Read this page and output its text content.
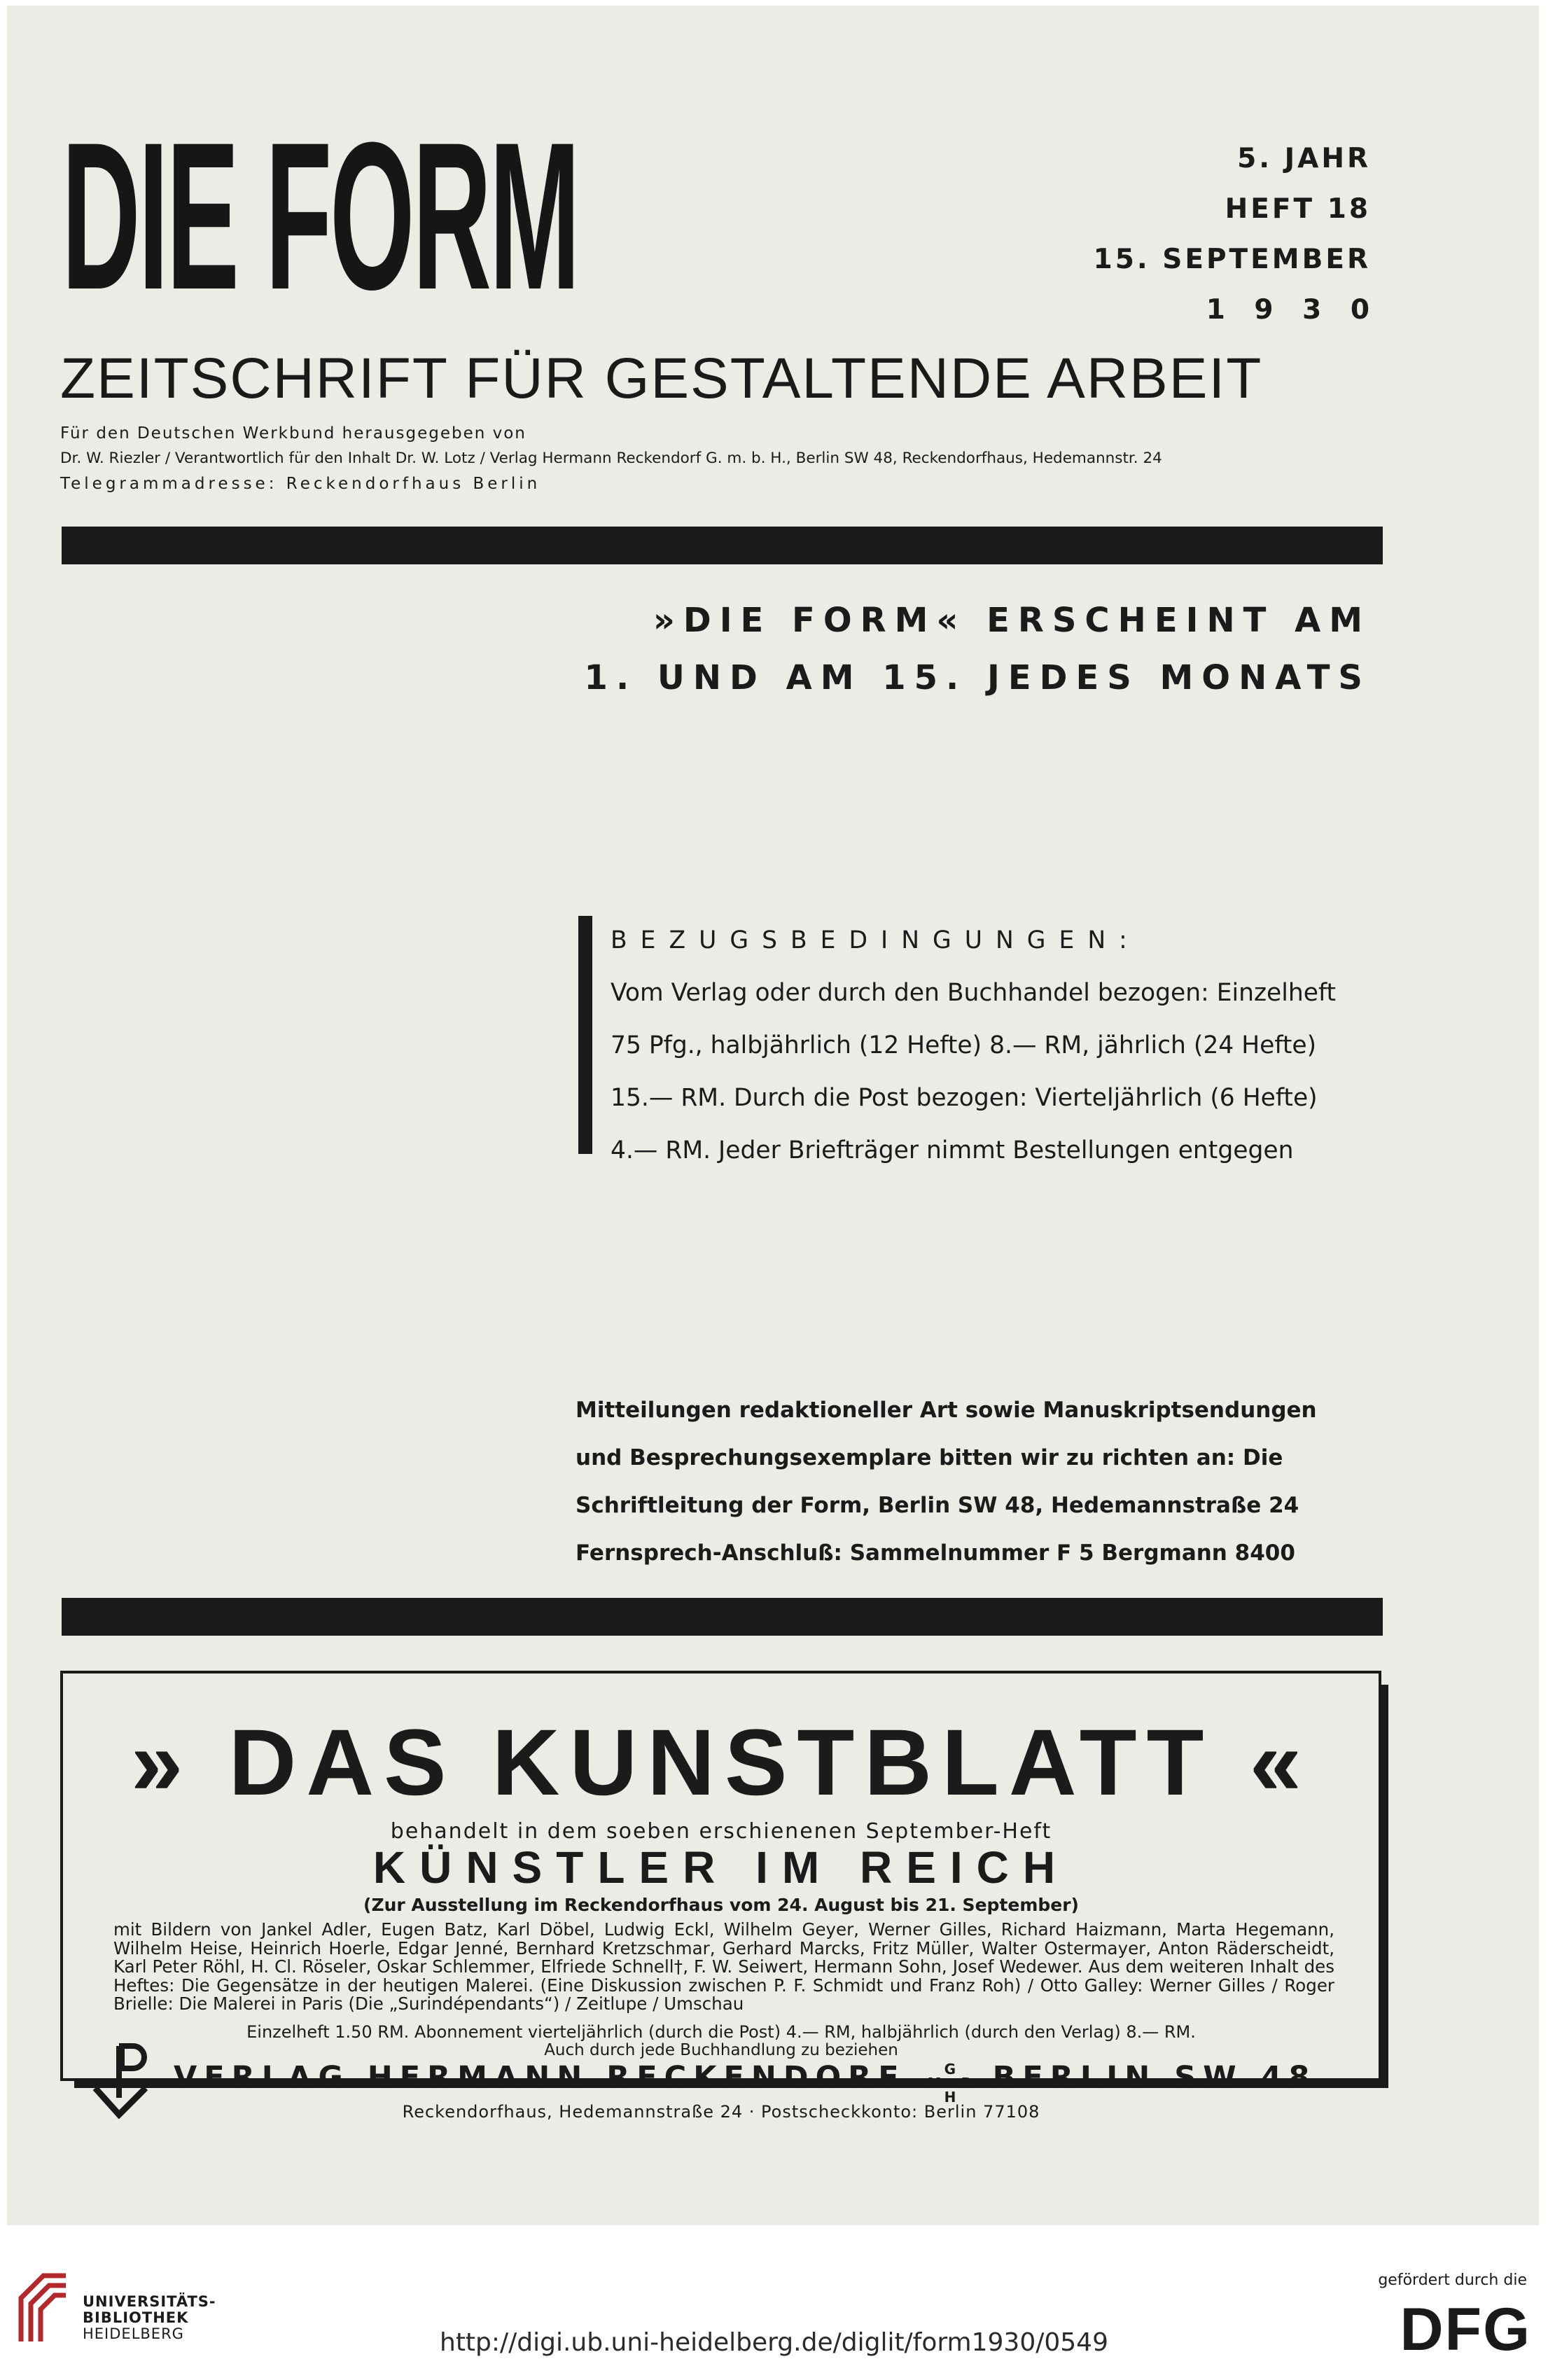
DIE FORM	5. JAHR
HEFT 18
15. SEPTEMBER
1 9 3 0
ZEITSCHRIFT FÜR GESTALTENDE ARBEIT
Für den Deutschen Werkbund herausgegeben von
Dr. W. Riezler / Verantwortlich für den Inhalt Dr. W. Lotz / Verlag Hermann Reckendorf G. m. b. H., Berlin SW 48, Reckendorfhaus, Hedemannstr. 24
Telegrammadresse: Reckendorfhaus Berlin
»DIE FORM« ERSCHEINT AM
1. UND AM 15. JEDES MONATS

BEZUGSBEDINGUNGEN:

Vom Verlag oder durch den Buchhandel bezogen: Einzelheft

75 Pfg., halbjährlich (12 Hefte) 8.— RM, jährlich (24 Hefte)

15.— RM. Durch die Post bezogen: Vierteljährlich (6 Hefte)

4.— RM. Jeder Briefträger nimmt Bestellungen entgegen

Mitteilungen redaktioneller Art sowie Manuskriptsendungen

und Besprechungsexemplare bitten wir zu richten an: Die

Schriftleitung der Form, Berlin SW 48, Hedemannstraße 24

Fernsprech-Anschluß: Sammelnummer F 5 Bergmann 8400

» DAS KUNSTBLATT «
behandelt in dem soeben erschienenen September-Heft
KÜNSTLER IM REICH
(Zur Ausstellung im Reckendorfhaus vom 24. August bis 21. September)
mit Bildern von Jankel Adler, Eugen Batz, Karl Döbel, Ludwig Eckl, Wilhelm Geyer, Werner Gilles, Richard Haizmann, Marta Hegemann, Wilhelm Heise, Heinrich Hoerle, Edgar Jenné, Bernhard Kretzschmar, Gerhard Marcks, Fritz Müller, Walter Ostermayer, Anton Räderscheidt, Karl Peter Röhl, H. Cl. Röseler, Oskar Schlemmer, Elfriede Schnell†, F. W. Seiwert, Hermann Sohn, Josef Wedewer. Aus dem weiteren Inhalt des Heftes: Die Gegensätze in der heutigen Malerei. (Eine Diskussion zwischen P. F. Schmidt und Franz Roh) / Otto Galley: Werner Gilles / Roger Brielle: Die Malerei in Paris (Die „Surindépendants“) / Zeitlupe / Umschau
Einzelheft 1.50 RM. Abonnement vierteljährlich (durch die Post) 4.— RM, halbjährlich (durch den Verlag) 8.— RM.
Auch durch jede Buchhandlung zu beziehen
VERLAG HERMANN RECKENDORF M
G
B
H
BERLIN SW 48
Reckendorfhaus, Hedemannstraße 24 · Postscheckkonto: Berlin 77108
UNIVERSITÄTS-
BIBLIOTHEK
HEIDELBERG	http://digi.ub.uni-heidelberg.de/diglit/form1930/0549
gefördert durch die
DFG
